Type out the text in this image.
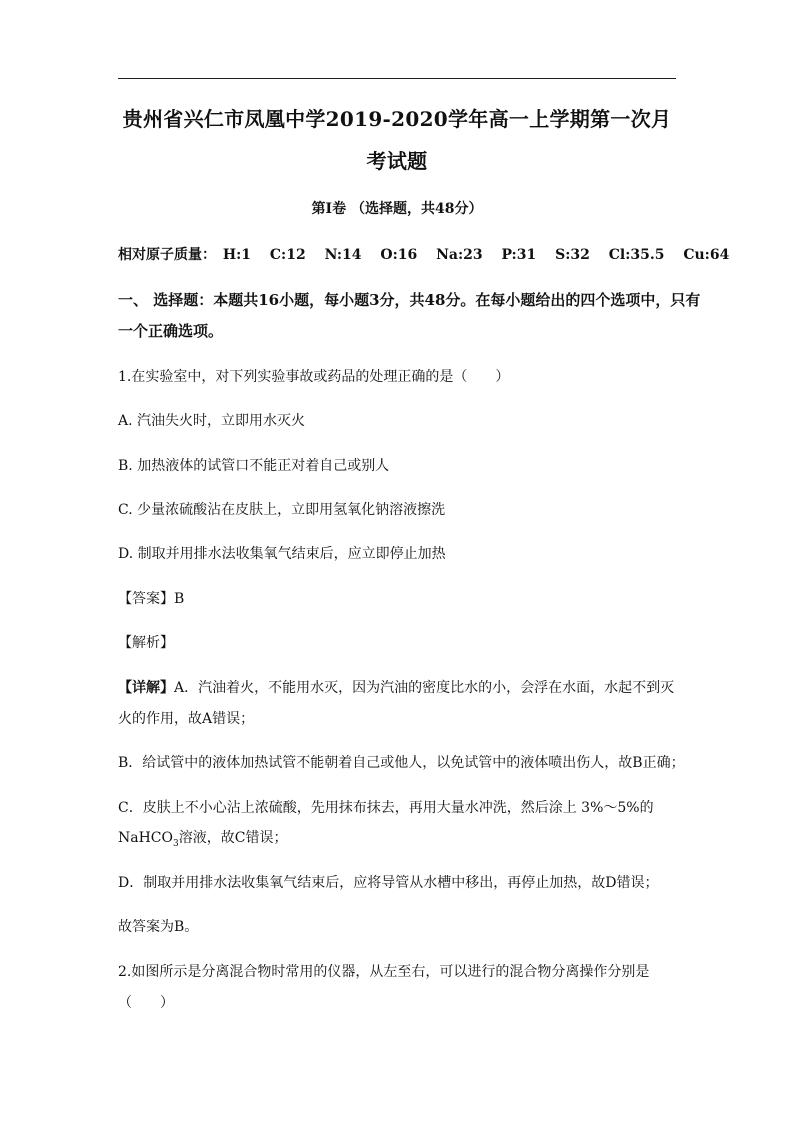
贵州省兴仁市凤凰中学2019-2020学年高一上学期第一次月
考试题
第I卷 （选择题，共48分）
相对原子质量： H:1 C:12 N:14 O:16 Na:23 P:31 S:32 Cl:35.5 Cu:64
一、 选择题：本题共16小题，每小题3分，共48分。在每小题给出的四个选项中，只有
一个正确选项。
1.在实验室中，对下列实验事故或药品的处理正确的是（　　）
A. 汽油失火时，立即用水灭火
B. 加热液体的试管口不能正对着自己或别人
C. 少量浓硫酸沾在皮肤上，立即用氢氧化钠溶液擦洗
D. 制取并用排水法收集氧气结束后，应立即停止加热
【答案】B
【解析】
【详解】A．汽油着火，不能用水灭，因为汽油的密度比水的小，会浮在水面，水起不到灭
火的作用，故A错误；
B．给试管中的液体加热试管不能朝着自己或他人，以免试管中的液体喷出伤人，故B正确；
C．皮肤上不小心沾上浓硫酸，先用抹布抹去，再用大量水冲洗，然后涂上 3%～5%的
NaHCO$_3$溶液，故C错误；
D．制取并用排水法收集氧气结束后，应将导管从水槽中移出，再停止加热，故D错误；
故答案为B。
2.如图所示是分离混合物时常用的仪器，从左至右，可以进行的混合物分离操作分别是
（　　）
